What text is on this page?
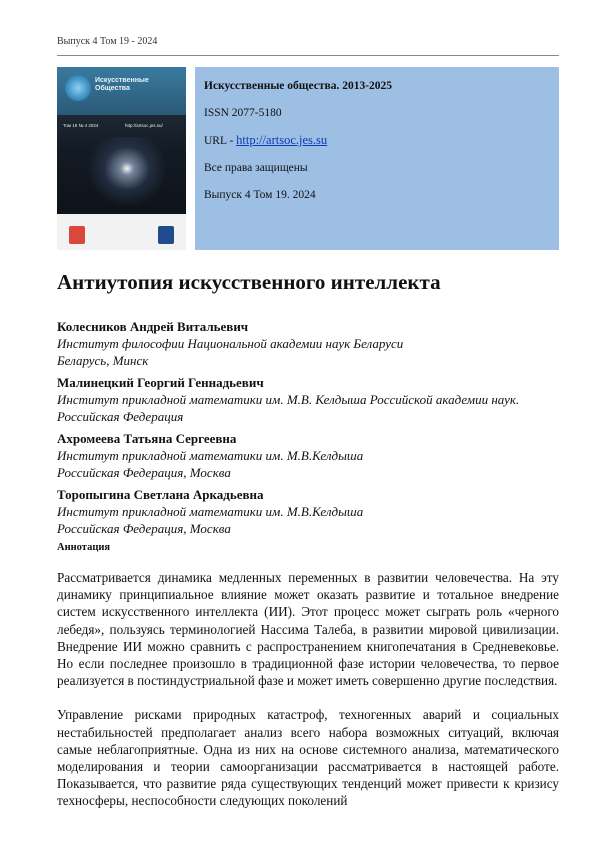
Выпуск 4 Том 19 - 2024
Искусственные
Общества
Том 19 № 4 2024	http://artsoc.jes.su/
Искусственные общества. 2013-2025
ISSN 2077-5180
URL - http://artsoc.jes.su
Все права защищены
Выпуск 4 Том 19. 2024
Антиутопия искусственного интеллекта
Колесников Андрей Витальевич
Институт философии Национальной академии наук Беларуси
Беларусь, Минск
Малинецкий Георгий Геннадьевич
Институт прикладной математики им. М.В. Келдыша Российской академии наук.
Российская Федерация
Ахромеева Татьяна Сергеевна
Институт прикладной математики им. М.В.Келдыша
Российская Федерация, Москва
Торопыгина Светлана Аркадьевна
Институт прикладной математики им. М.В.Келдыша
Российская Федерация, Москва
Аннотация

Рассматривается динамика медленных переменных в развитии человечества. На эту динамику принципиальное влияние может оказать развитие и тотальное внедрение систем искусственного интеллекта (ИИ). Этот процесс может сыграть роль «черного лебедя», пользуясь терминологией Нассима Талеба, в развитии мировой цивилизации. Внедрение ИИ можно сравнить с распространением книгопечатания в Средневековье. Но если последнее произошло в традиционной фазе истории человечества, то первое реализуется в постиндустриальной фазе и может иметь совершенно другие последствия.

Управление рисками природных катастроф, техногенных аварий и социальных нестабильностей предполагает анализ всего набора возможных ситуаций, включая самые неблагоприятные. Одна из них на основе системного анализа, математического моделирования и теории самоорганизации рассматривается в настоящей работе. Показывается, что развитие ряда существующих тенденций может привести к кризису техносферы, неспособности следующих поколений
